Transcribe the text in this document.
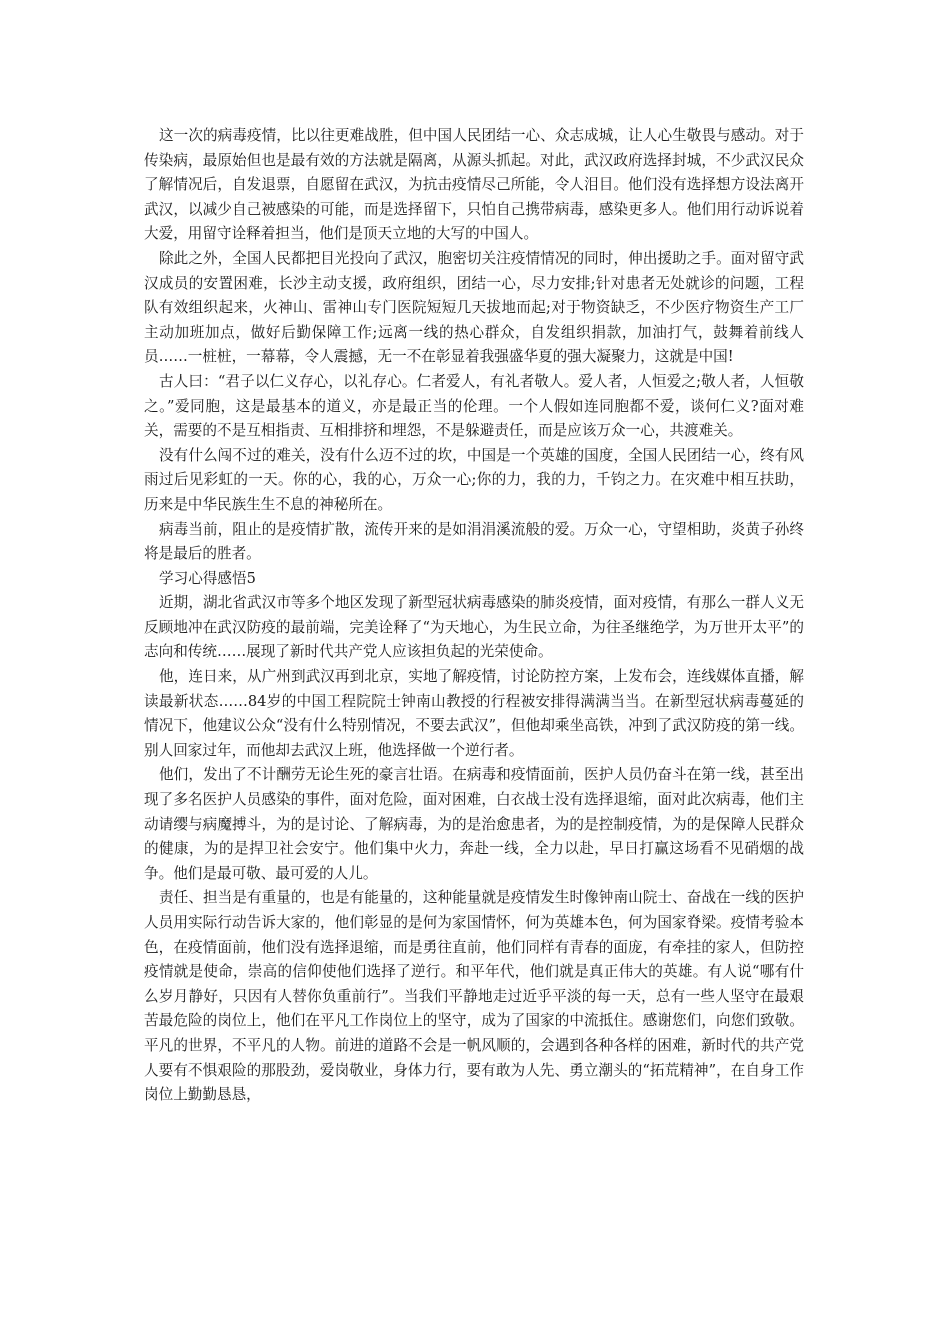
这一次的病毒疫情，比以往更难战胜，但中国人民团结一心、众志成城，让人心生敬畏与感动。对于传染病，最原始但也是最有效的方法就是隔离，从源头抓起。对此，武汉政府选择封城，不少武汉民众了解情况后，自发退票，自愿留在武汉，为抗击疫情尽己所能，令人泪目。他们没有选择想方设法离开武汉，以减少自己被感染的可能，而是选择留下，只怕自己携带病毒，感染更多人。他们用行动诉说着大爱，用留守诠释着担当，他们是顶天立地的大写的中国人。

除此之外，全国人民都把目光投向了武汉，胞密切关注疫情情况的同时，伸出援助之手。面对留守武汉成员的安置困难，长沙主动支援，政府组织，团结一心，尽力安排;针对患者无处就诊的问题，工程队有效组织起来，火神山、雷神山专门医院短短几天拔地而起;对于物资缺乏，不少医疗物资生产工厂主动加班加点，做好后勤保障工作;远离一线的热心群众，自发组织捐款，加油打气，鼓舞着前线人员……一桩桩，一幕幕，令人震撼，无一不在彰显着我强盛华夏的强大凝聚力，这就是中国!

古人曰：“君子以仁义存心，以礼存心。仁者爱人，有礼者敬人。爱人者，人恒爱之;敬人者，人恒敬之。”爱同胞，这是最基本的道义，亦是最正当的伦理。一个人假如连同胞都不爱，谈何仁义?面对难关，需要的不是互相指责、互相排挤和埋怨，不是躲避责任，而是应该万众一心，共渡难关。

没有什么闯不过的难关，没有什么迈不过的坎，中国是一个英雄的国度，全国人民团结一心，终有风雨过后见彩虹的一天。你的心，我的心，万众一心;你的力，我的力，千钧之力。在灾难中相互扶助，历来是中华民族生生不息的神秘所在。

病毒当前，阻止的是疫情扩散，流传开来的是如涓涓溪流般的爱。万众一心，守望相助，炎黄子孙终将是最后的胜者。

学习心得感悟5

近期，湖北省武汉市等多个地区发现了新型冠状病毒感染的肺炎疫情，面对疫情，有那么一群人义无反顾地冲在武汉防疫的最前端，完美诠释了“为天地心，为生民立命，为往圣继绝学，为万世开太平”的志向和传统……展现了新时代共产党人应该担负起的光荣使命。

他，连日来，从广州到武汉再到北京，实地了解疫情，讨论防控方案，上发布会，连线媒体直播，解读最新状态……84岁的中国工程院院士钟南山教授的行程被安排得满满当当。在新型冠状病毒蔓延的情况下，他建议公众“没有什么特别情况，不要去武汉”，但他却乘坐高铁，冲到了武汉防疫的第一线。别人回家过年，而他却去武汉上班，他选择做一个逆行者。

他们，发出了不计酬劳无论生死的豪言壮语。在病毒和疫情面前，医护人员仍奋斗在第一线，甚至出现了多名医护人员感染的事件，面对危险，面对困难，白衣战士没有选择退缩，面对此次病毒，他们主动请缨与病魔搏斗，为的是讨论、了解病毒，为的是治愈患者，为的是控制疫情，为的是保障人民群众的健康，为的是捍卫社会安宁。他们集中火力，奔赴一线，全力以赴，早日打赢这场看不见硝烟的战争。他们是最可敬、最可爱的人儿。

责任、担当是有重量的，也是有能量的，这种能量就是疫情发生时像钟南山院士、奋战在一线的医护人员用实际行动告诉大家的，他们彰显的是何为家国情怀，何为英雄本色，何为国家脊梁。疫情考验本色，在疫情面前，他们没有选择退缩，而是勇往直前，他们同样有青春的面庞，有牵挂的家人，但防控疫情就是使命，崇高的信仰使他们选择了逆行。和平年代，他们就是真正伟大的英雄。有人说“哪有什么岁月静好，只因有人替你负重前行”。当我们平静地走过近乎平淡的每一天，总有一些人坚守在最艰苦最危险的岗位上，他们在平凡工作岗位上的坚守，成为了国家的中流抵住。感谢您们，向您们致敬。平凡的世界，不平凡的人物。前进的道路不会是一帆风顺的，会遇到各种各样的困难，新时代的共产党人要有不惧艰险的那股劲，爱岗敬业，身体力行，要有敢为人先、勇立潮头的“拓荒精神”，在自身工作岗位上勤勤恳恳，
